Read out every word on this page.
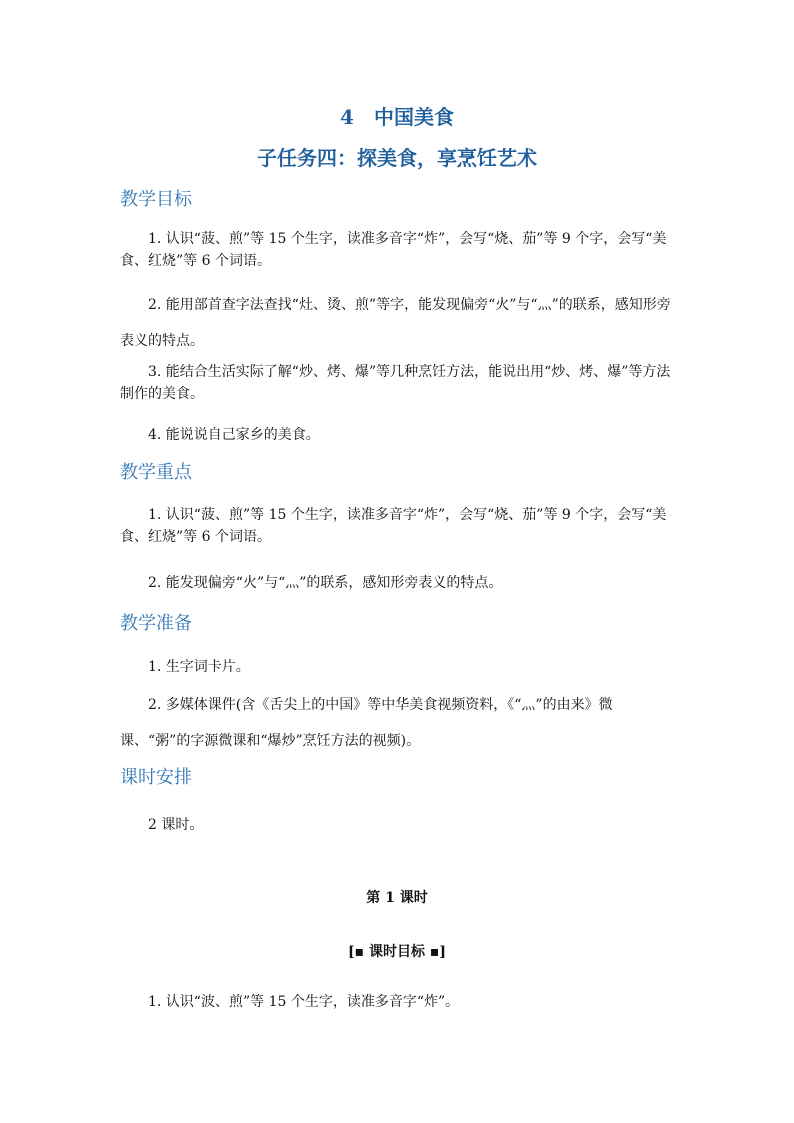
4　中国美食
子任务四：探美食，享烹饪艺术
教学目标

1. 认识“菠、煎”等 15 个生字，读准多音字“炸”，会写“烧、茄”等 9 个字，会写“美食、红烧”等 6 个词语。

2. 能用部首查字法查找“灶、烫、煎”等字，能发现偏旁“火”与“灬”的联系，感知形旁表义的特点。

3. 能结合生活实际了解“炒、烤、爆”等几种烹饪方法，能说出用“炒、烤、爆”等方法制作的美食。

4. 能说说自己家乡的美食。

教学重点

1. 认识“菠、煎”等 15 个生字，读准多音字“炸”，会写“烧、茄”等 9 个字，会写“美食、红烧”等 6 个词语。

2. 能发现偏旁“火”与“灬”的联系，感知形旁表义的特点。

教学准备

1. 生字词卡片。

2. 多媒体课件(含《舌尖上的中国》等中华美食视频资料，《“灬”的由来》微课、“粥”的字源微课和“爆炒”烹饪方法的视频)。

课时安排

2 课时。

第 1 课时

[▪ 课时目标 ▪]

1. 认识“波、煎”等 15 个生字，读准多音字“炸”。
